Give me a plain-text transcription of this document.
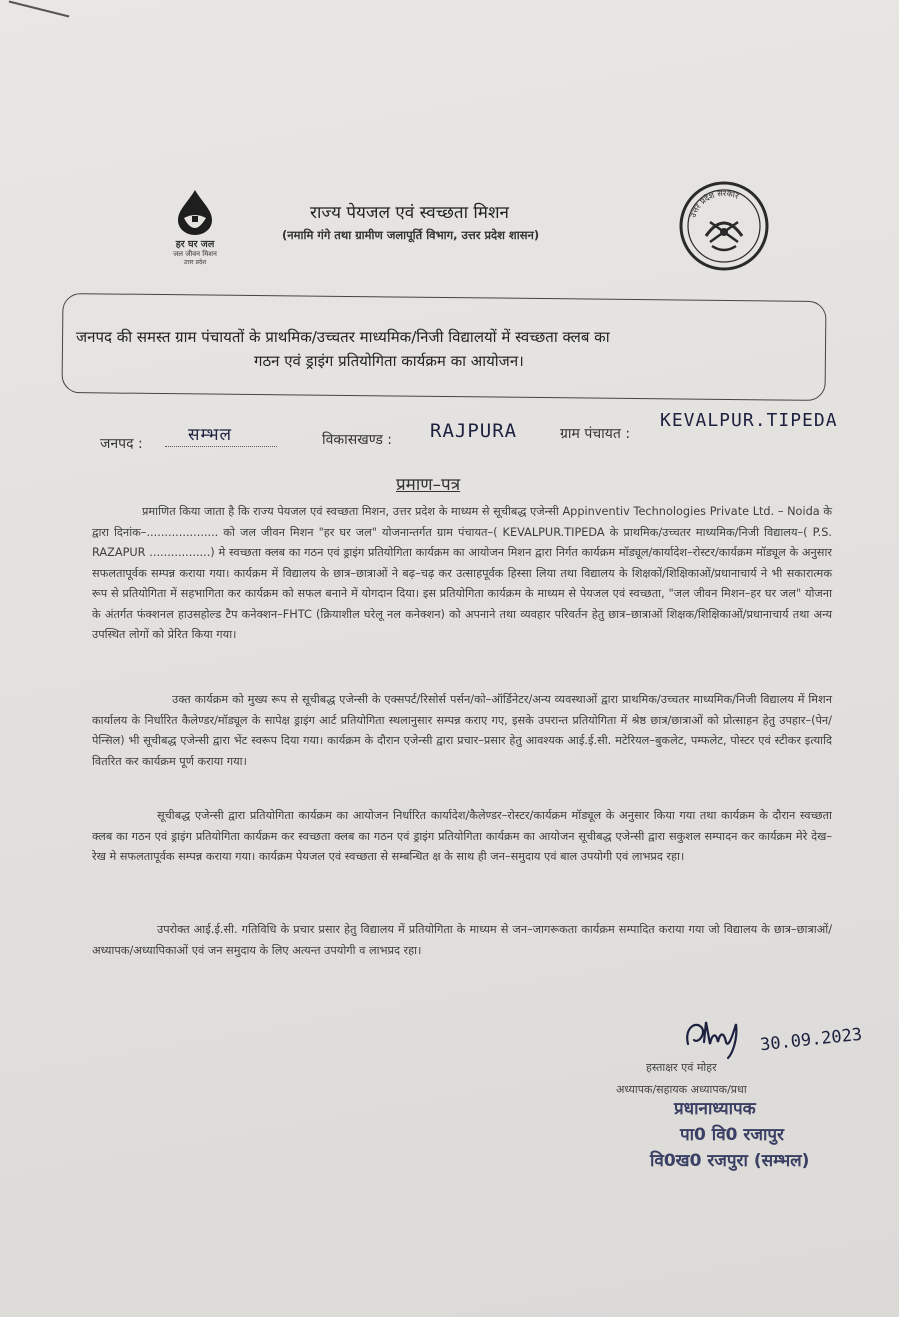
हर घर जल
जल जीवन मिशन
उत्तर प्रदेश
राज्य पेयजल एवं स्वच्छता मिशन
(नमामि गंगे तथा ग्रामीण जलापूर्ति विभाग, उत्तर प्रदेश शासन)
उत्तर प्रदेश सरकार
जनपद की समस्त ग्राम पंचायतों के प्राथमिक/उच्चतर माध्यमिक/निजी विद्यालयों में स्वच्छता क्लब का
गठन एवं ड्राइंग प्रतियोगिता कार्यक्रम का आयोजन।
जनपद :	सम्भल	विकासखण्ड : RAJPURA	ग्राम पंचायत :
KEVALPUR.TIPEDA
प्रमाण–पत्र
प्रमाणित किया जाता है कि राज्य पेयजल एवं स्वच्छता मिशन, उत्तर प्रदेश के माध्यम से सूचीबद्ध एजेन्सी Appinventiv Technologies Private Ltd. – Noida के द्वारा दिनांक–.................... को जल जीवन मिशन "हर घर जल" योजनान्तर्गत ग्राम पंचायत–( KEVALPUR.TIPEDA के प्राथमिक/उच्चतर माध्यमिक/निजी विद्यालय–( P.S. RAZAPUR .................) मे स्वच्छता क्लब का गठन एवं ड्राइंग प्रतियोगिता कार्यक्रम का आयोजन मिशन द्वारा निर्गत कार्यक्रम मॉड्यूल/कार्यादेश–रोस्टर/कार्यक्रम मॉड्यूल के अनुसार सफलतापूर्वक सम्पन्न कराया गया। कार्यक्रम में विद्यालय के छात्र–छात्राओं ने बढ़–चढ़ कर उत्साहपूर्वक हिस्सा लिया तथा विद्यालय के शिक्षकों/शिक्षिकाओं/प्रधानाचार्य ने भी सकारात्मक रूप से प्रतियोगिता में सहभागिता कर कार्यक्रम को सफल बनाने में योगदान दिया। इस प्रतियोगिता कार्यक्रम के माध्यम से पेयजल एवं स्वच्छता, "जल जीवन मिशन–हर घर जल" योजना के अंतर्गत फंक्शनल हाउसहोल्ड टैप कनेक्शन–FHTC (क्रियाशील घरेलू नल कनेक्शन) को अपनाने तथा व्यवहार परिवर्तन हेतु छात्र–छात्राओं शिक्षक/शिक्षिकाओं/प्रधानाचार्य तथा अन्य उपस्थित लोगों को प्रेरित किया गया।
उक्त कार्यक्रम को मुख्य रूप से सूचीबद्ध एजेन्सी के एक्सपर्ट/रिसोर्स पर्सन/को–ऑर्डिनेटर/अन्य व्यवस्थाओं द्वारा प्राथमिक/उच्चतर माध्यमिक/निजी विद्यालय में मिशन कार्यालय के निर्धारित कैलेण्डर/मॉड्यूल के सापेक्ष ड्राइंग आर्ट प्रतियोगिता स्थलानुसार सम्पन्न कराए गए, इसके उपरान्त प्रतियोगिता में श्रेष्ठ छात्र/छात्राओं को प्रोत्साहन हेतु उपहार–(पेन/पेन्सिल) भी सूचीबद्ध एजेन्सी द्वारा भेंट स्वरूप दिया गया। कार्यक्रम के दौरान एजेन्सी द्वारा प्रचार–प्रसार हेतु आवश्यक आई.ई.सी. मटेरियल–बुकलेट, पम्फलेट, पोस्टर एवं स्टीकर इत्यादि वितरित कर कार्यक्रम पूर्ण कराया गया।
सूचीबद्ध एजेन्सी द्वारा प्रतियोगिता कार्यक्रम का आयोजन निर्धारित कार्यादेश/कैलेण्डर–रोस्टर/कार्यक्रम मॉड्यूल के अनुसार किया गया तथा कार्यक्रम के दौरान स्वच्छता क्लब का गठन एवं ड्राइंग प्रतियोगिता कार्यक्रम कर स्वच्छता क्लब का गठन एवं ड्राइंग प्रतियोगिता कार्यक्रम का आयोजन सूचीबद्ध एजेन्सी द्वारा सकुशल सम्पादन कर कार्यक्रम मेरे देख–रेख मे सफलतापूर्वक सम्पन्न कराया गया। कार्यक्रम पेयजल एवं स्वच्छता से सम्बन्धित क्ष के साथ ही जन–समुदाय एवं बाल उपयोगी एवं लाभप्रद रहा।
उपरोक्त आई.ई.सी. गतिविधि के प्रचार प्रसार हेतु विद्यालय में प्रतियोगिता के माध्यम से जन–जागरूकता कार्यक्रम सम्पादित कराया गया जो विद्यालय के छात्र–छात्राओं/अध्यापक/अध्यापिकाओं एवं जन समुदाय के लिए अत्यन्त उपयोगी व लाभप्रद रहा।
30.09.2023
हस्ताक्षर एवं मोहर
अध्यापक/सहायक अध्यापक/प्रधा
प्रधानाध्यापक
पा0 वि0 रजापुर
वि0ख0 रजपुरा (सम्भल)
